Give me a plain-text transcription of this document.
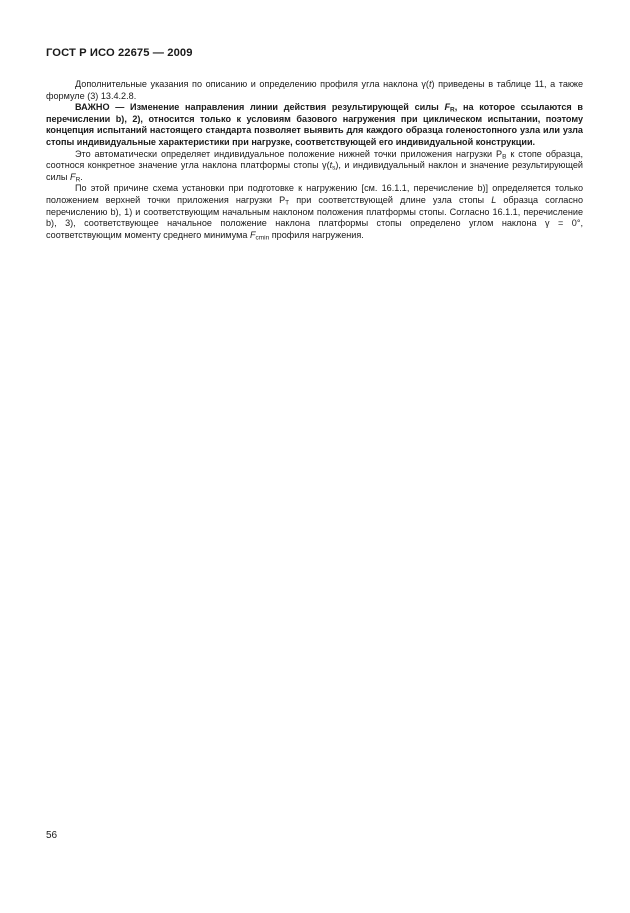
ГОСТ Р ИСО 22675 — 2009

Дополнительные указания по описанию и определению профиля угла наклона γ(t) приведены в таблице 11, а также формуле (3) 13.4.2.8.

ВАЖНО — Изменение направления линии действия результирующей силы $F_R$, на которое ссылаются в перечислении b), 2), относится только к условиям базового нагружения при циклическом испытании, поэтому концепция испытаний настоящего стандарта позволяет выявить для каждого образца голеностопного узла или узла стопы индивидуальные характеристики при нагрузке, соответствующей его индивидуальной конструкции.

Это автоматически определяет индивидуальное положение нижней точки приложения нагрузки $P_B$ к стопе образца, соотнося конкретное значение угла наклона платформы стопы $\gamma(t_s)$, и индивидуальный наклон и значение результирующей силы $F_R$.

По этой причине схема установки при подготовке к нагружению [см. 16.1.1, перечисление b)] определяется только положением верхней точки приложения нагрузки $P_T$ при соответствующей длине узла стопы L образца согласно перечислению b), 1) и соответствующим начальным наклоном положения платформы стопы. Согласно 16.1.1, перечисление b), 3), соответствующее начальное положение наклона платформы стопы определено углом наклона γ = 0°, соответствующим моменту среднего минимума $F_{cmin}$ профиля нагружения.

56
